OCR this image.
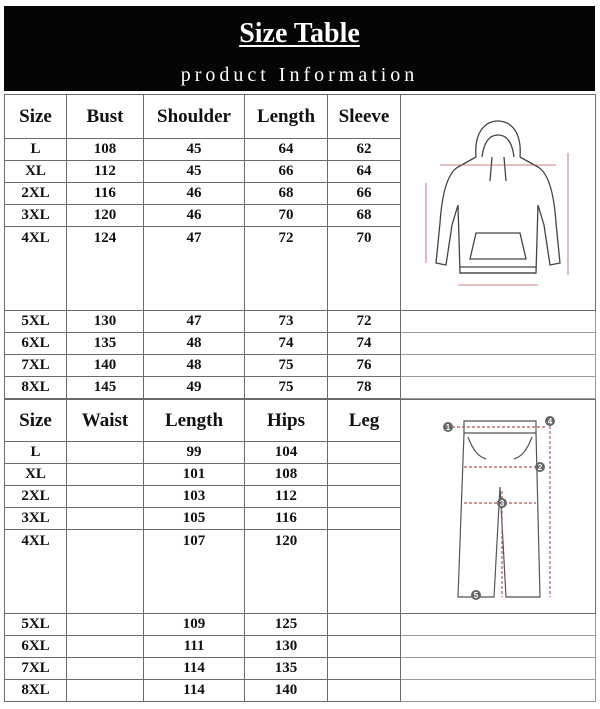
Size Table
product Information
Size	Bust	Shoulder	Length	Sleeve	

L	108	45	64	62	
XL	112	45	66	64	
2XL	116	46	68	66	
3XL	120	46	70	68	
4XL	124	47	72	70	
5XL	130	47	73	72	
6XL	135	48	74	74	
7XL	140	48	75	76	
8XL	145	49	75	78	
Size	Waist	Length	Hips	Leg	1
4
2
3
5

L		99	104		
XL		101	108		
2XL		103	112		
3XL		105	116		
4XL		107	120		
5XL		109	125		
6XL		111	130		
7XL		114	135		
8XL		114	140		
